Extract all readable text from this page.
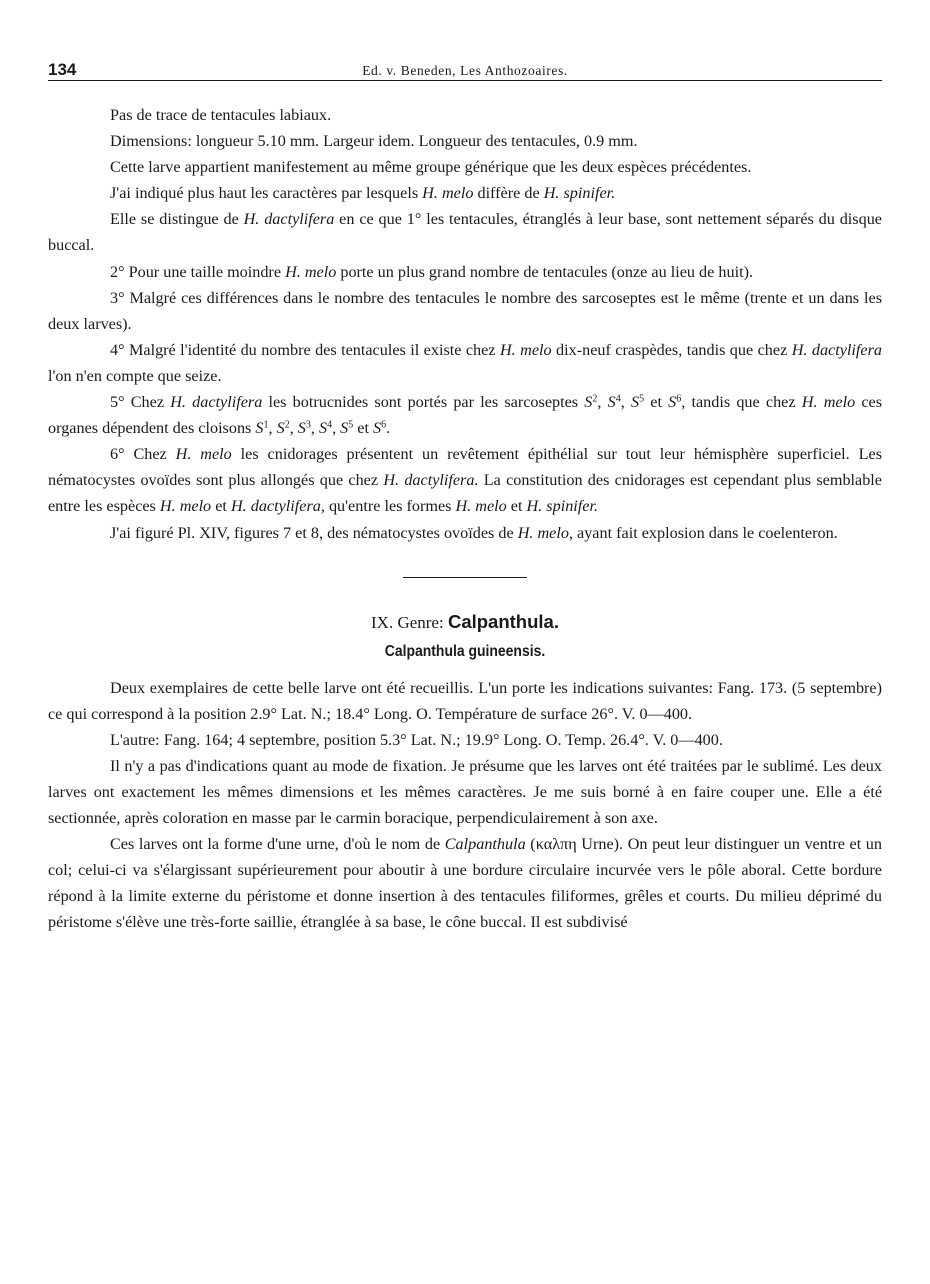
134	Ed. v. Beneden, Les Anthozoaires.

Pas de trace de tentacules labiaux.

Dimensions: longueur 5.10 mm. Largeur idem. Longueur des tentacules, 0.9 mm.

Cette larve appartient manifestement au même groupe générique que les deux espèces précédentes.

J'ai indiqué plus haut les caractères par lesquels H. melo diffère de H. spinifer.

Elle se distingue de H. dactylifera en ce que 1° les tentacules, étranglés à leur base, sont nettement séparés du disque buccal.

2° Pour une taille moindre H. melo porte un plus grand nombre de tentacules (onze au lieu de huit).

3° Malgré ces différences dans le nombre des tentacules le nombre des sarcoseptes est le même (trente et un dans les deux larves).

4° Malgré l'identité du nombre des tentacules il existe chez H. melo dix-neuf craspèdes, tandis que chez H. dactylifera l'on n'en compte que seize.

5° Chez H. dactylifera les botrucnides sont portés par les sarcoseptes $S^2$, $S^4$, $S^5$ et $S^6$, tandis que chez H. melo ces organes dépendent des cloisons $S^1$, $S^2$, $S^3$, $S^4$, $S^5$ et $S^6$.

6° Chez H. melo les cnidorages présentent un revêtement épithélial sur tout leur hémisphère superficiel. Les nématocystes ovoïdes sont plus allongés que chez H. dactylifera. La constitution des cnidorages est cependant plus semblable entre les espèces H. melo et H. dactylifera, qu'entre les formes H. melo et H. spinifer.

J'ai figuré Pl. XIV, figures 7 et 8, des nématocystes ovoïdes de H. melo, ayant fait explosion dans le coelenteron.

IX. Genre: Calpanthula.
Calpanthula guineensis.

Deux exemplaires de cette belle larve ont été recueillis. L'un porte les indications suivantes: Fang. 173. (5 septembre) ce qui correspond à la position 2.9° Lat. N.; 18.4° Long. O. Température de surface 26°. V. 0—400.

L'autre: Fang. 164; 4 septembre, position 5.3° Lat. N.; 19.9° Long. O. Temp. 26.4°. V. 0—400.

Il n'y a pas d'indications quant au mode de fixation. Je présume que les larves ont été traitées par le sublimé. Les deux larves ont exactement les mêmes dimensions et les mêmes caractères. Je me suis borné à en faire couper une. Elle a été sectionnée, après coloration en masse par le carmin boracique, perpendiculairement à son axe.

Ces larves ont la forme d'une urne, d'où le nom de Calpanthula (καλπη Urne). On peut leur distinguer un ventre et un col; celui-ci va s'élargissant supérieurement pour aboutir à une bordure circulaire incurvée vers le pôle aboral. Cette bordure répond à la limite externe du péristome et donne insertion à des tentacules filiformes, grêles et courts. Du milieu déprimé du péristome s'élève une très-forte saillie, étranglée à sa base, le cône buccal. Il est subdivisé
